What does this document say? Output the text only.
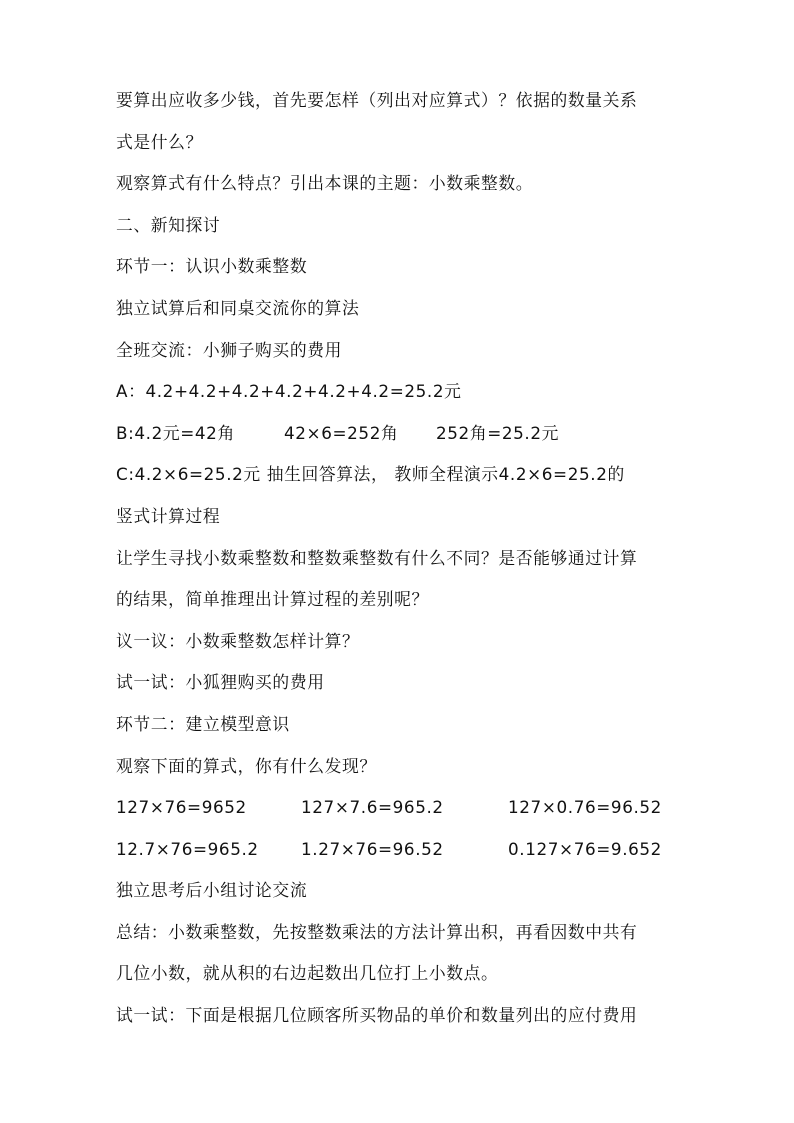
要算出应收多少钱，首先要怎样（列出对应算式）？依据的数量关系
式是什么？
观察算式有什么特点？引出本课的主题：小数乘整数。
二、新知探讨
环节一：认识小数乘整数
独立试算后和同桌交流你的算法
全班交流：小狮子购买的费用
A：4.2+4.2+4.2+4.2+4.2+4.2=25.2元
B:4.2元=42角	42×6=252角 252角=25.2元
C:4.2×6=25.2元 抽生回答算法， 教师全程演示4.2×6=25.2的
竖式计算过程
让学生寻找小数乘整数和整数乘整数有什么不同？是否能够通过计算
的结果，简单推理出计算过程的差别呢？
议一议：小数乘整数怎样计算？
试一试：小狐狸购买的费用
环节二：建立模型意识
观察下面的算式，你有什么发现？
127×76=9652	127×7.6=965.2	127×0.76=96.52
12.7×76=965.2	1.27×76=96.52	0.127×76=9.652
独立思考后小组讨论交流
总结：小数乘整数，先按整数乘法的方法计算出积，再看因数中共有
几位小数，就从积的右边起数出几位打上小数点。
试一试：下面是根据几位顾客所买物品的单价和数量列出的应付费用
